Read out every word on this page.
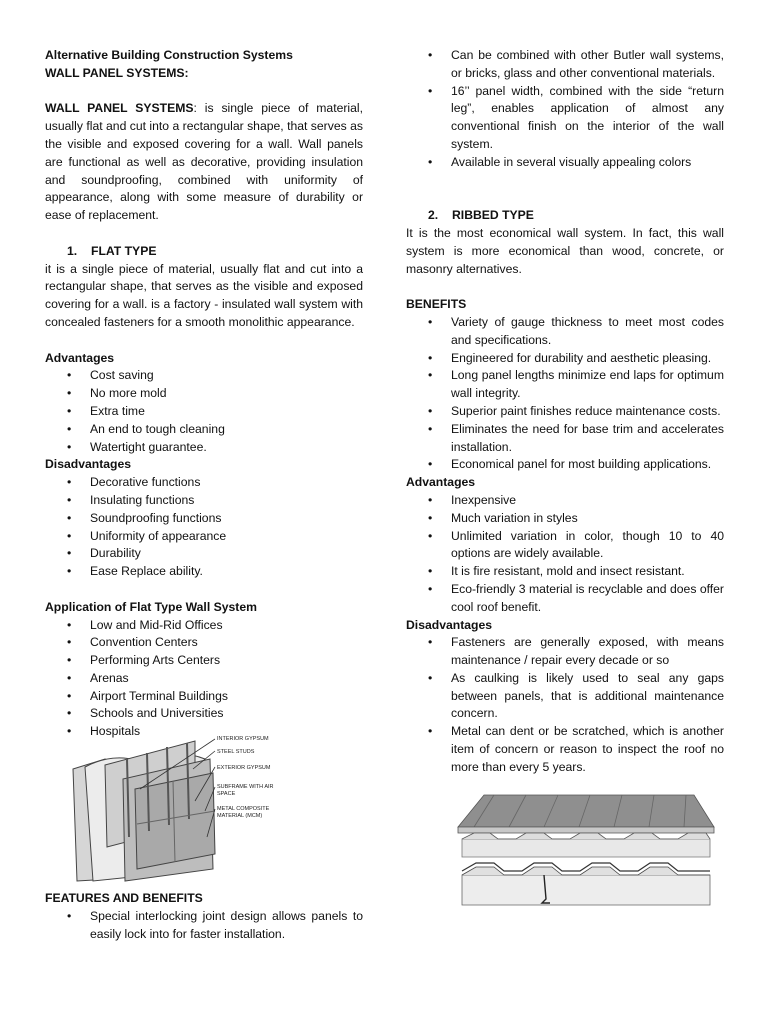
Alternative Building Construction Systems
WALL PANEL SYSTEMS:

WALL PANEL SYSTEMS: is single piece of material, usually flat and cut into a rectangular shape, that serves as the visible and exposed covering for a wall. Wall panels are functional as well as decorative, providing insulation and soundproofing, combined with uniformity of appearance, along with some measure of durability or ease of replacement.

1. FLAT TYPE

it is a single piece of material, usually flat and cut into a rectangular shape, that serves as the visible and exposed covering for a wall. is a factory - insulated wall system with concealed fasteners for a smooth monolithic appearance.

Advantages
• Cost saving
• No more mold
• Extra time
• An end to tough cleaning
• Watertight guarantee.
Disadvantages
• Decorative functions
• Insulating functions
• Soundproofing functions
• Uniformity of appearance
• Durability
• Ease Replace ability.
Application of Flat Type Wall System
• Low and Mid-Rid Offices
• Convention Centers
• Performing Arts Centers
• Arenas
• Airport Terminal Buildings
• Schools and Universities
• Hospitals
INTERIOR GYPSUM
STEEL STUDS
EXTERIOR GYPSUM
SUBFRAME WITH AIR
SPACE
METAL COMPOSITE
MATERIAL (MCM)
FEATURES AND BENEFITS
• Special interlocking joint design allows panels to easily lock into for faster installation.
• Can be combined with other Butler wall systems, or bricks, glass and other conventional materials.
• 16’’ panel width, combined with the side “return leg”, enables application of almost any conventional finish on the interior of the wall system.
• Available in several visually appealing colors
2. RIBBED TYPE

It is the most economical wall system. In fact, this wall system is more economical than wood, concrete, or masonry alternatives.

BENEFITS
• Variety of gauge thickness to meet most codes and specifications.
• Engineered for durability and aesthetic pleasing.
• Long panel lengths minimize end laps for optimum wall integrity.
• Superior paint finishes reduce maintenance costs.
• Eliminates the need for base trim and accelerates installation.
• Economical panel for most building applications.
Advantages
• Inexpensive
• Much variation in styles
• Unlimited variation in color, though 10 to 40 options are widely available.
• It is fire resistant, mold and insect resistant.
• Eco-friendly 3 material is recyclable and does offer cool roof benefit.
Disadvantages
• Fasteners are generally exposed, with means maintenance / repair every decade or so
• As caulking is likely used to seal any gaps between panels, that is additional maintenance concern.
• Metal can dent or be scratched, which is another item of concern or reason to inspect the roof no more than every 5 years.
